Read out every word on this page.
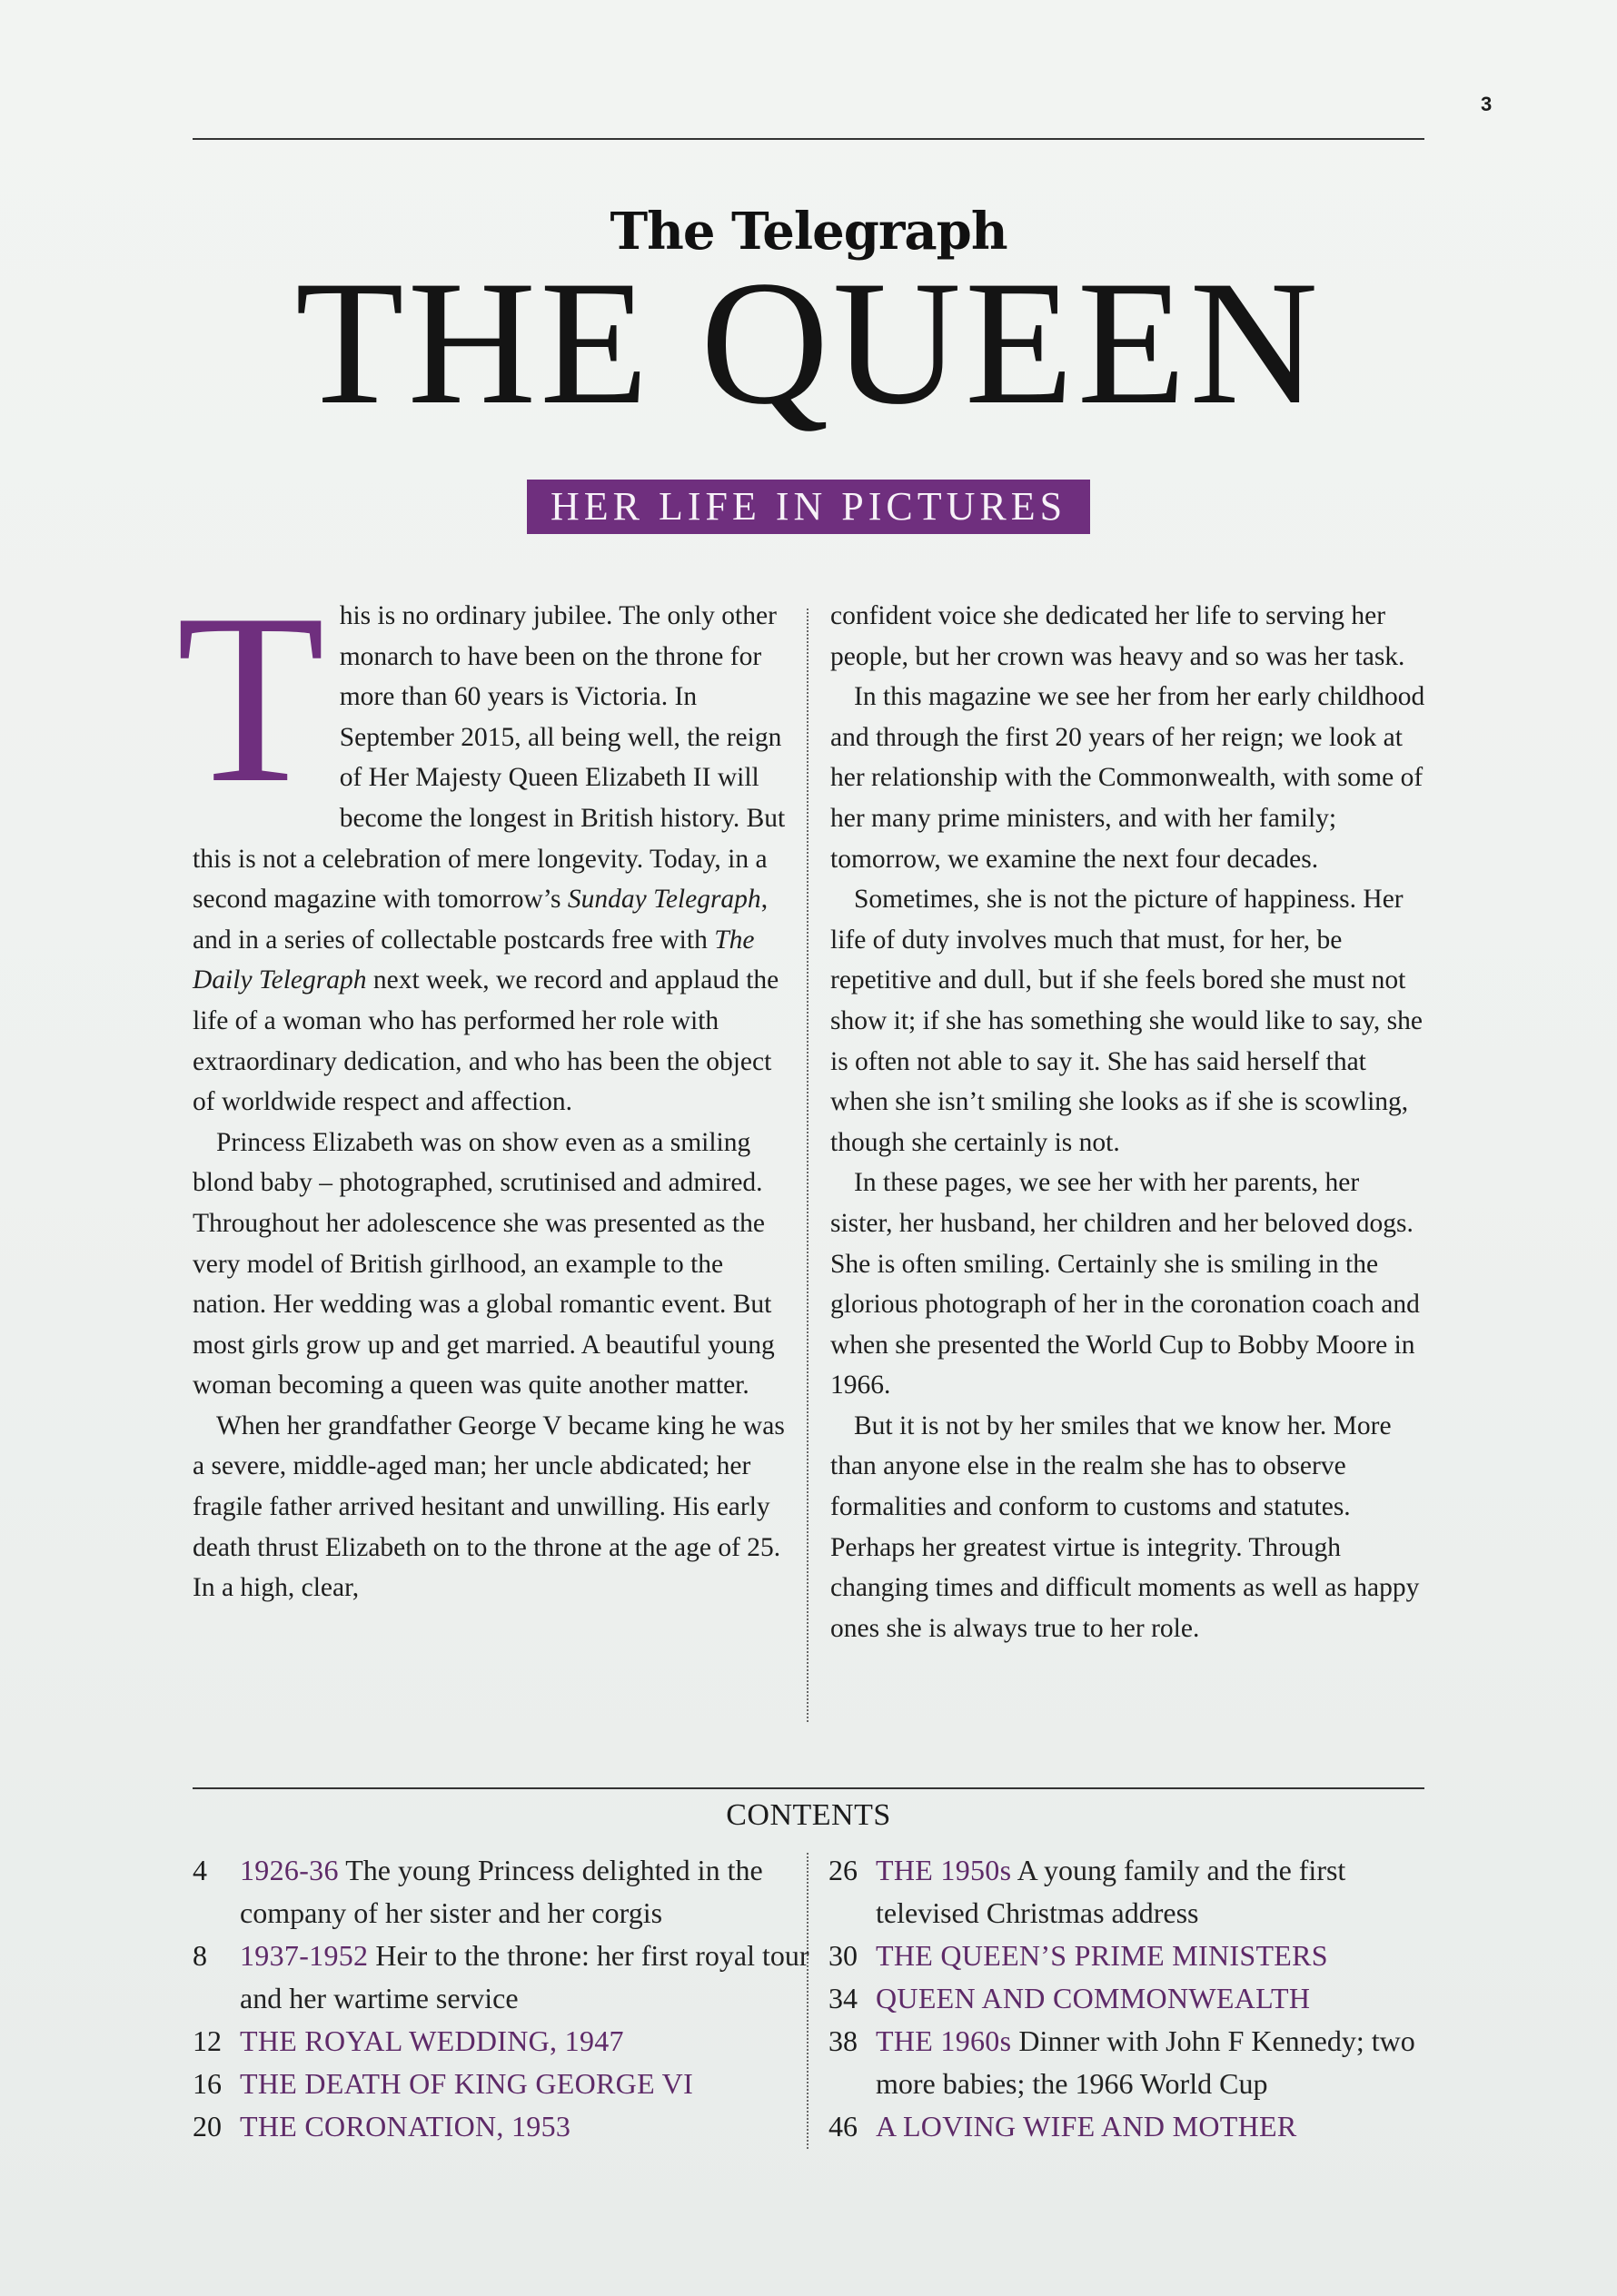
3
The Telegraph
THE QUEEN
HER LIFE IN PICTURES

This is no ordinary jubilee. The only other monarch to have been on the throne for more than 60 years is Victoria. In September 2015, all being well, the reign of Her Majesty Queen Elizabeth II will become the longest in British history. But this is not a celebration of mere longevity. Today, in a second magazine with tomorrow’s Sunday Telegraph, and in a series of collectable postcards free with The Daily Telegraph next week, we record and applaud the life of a woman who has performed her role with extraordinary dedication, and who has been the object of worldwide respect and affection.

Princess Elizabeth was on show even as a smiling blond baby – photographed, scrutinised and admired. Throughout her adolescence she was presented as the very model of British girlhood, an example to the nation. Her wedding was a global romantic event. But most girls grow up and get married. A beautiful young woman becoming a queen was quite another matter.

When her grandfather George V became king he was a severe, middle-aged man; her uncle abdicated; her fragile father arrived hesitant and unwilling. His early death thrust Elizabeth on to the throne at the age of 25. In a high, clear,

confident voice she dedicated her life to serving her people, but her crown was heavy and so was her task.

In this magazine we see her from her early childhood and through the first 20 years of her reign; we look at her relationship with the Commonwealth, with some of her many prime ministers, and with her family; tomorrow, we examine the next four decades.

Sometimes, she is not the picture of happiness. Her life of duty involves much that must, for her, be repetitive and dull, but if she feels bored she must not show it; if she has something she would like to say, she is often not able to say it. She has said herself that when she isn’t smiling she looks as if she is scowling, though she certainly is not.

In these pages, we see her with her parents, her sister, her husband, her children and her beloved dogs. She is often smiling. Certainly she is smiling in the glorious photograph of her in the coronation coach and when she presented the World Cup to Bobby Moore in 1966.

But it is not by her smiles that we know her. More than anyone else in the realm she has to observe formalities and conform to customs and statutes. Perhaps her greatest virtue is integrity. Through changing times and difficult moments as well as happy ones she is always true to her role.

CONTENTS
4	1926-36 The young Princess delighted in the company of her sister and her corgis
8	1937-1952 Heir to the throne: her first royal tour and her wartime service
12 THE ROYAL WEDDING, 1947
16 THE DEATH OF KING GEORGE VI
20 THE CORONATION, 1953
26 THE 1950s A young family and the first televised Christmas address
30 THE QUEEN’S PRIME MINISTERS
34 QUEEN AND COMMONWEALTH
38 THE 1960s Dinner with John F Kennedy; two more babies; the 1966 World Cup
46 A LOVING WIFE AND MOTHER
